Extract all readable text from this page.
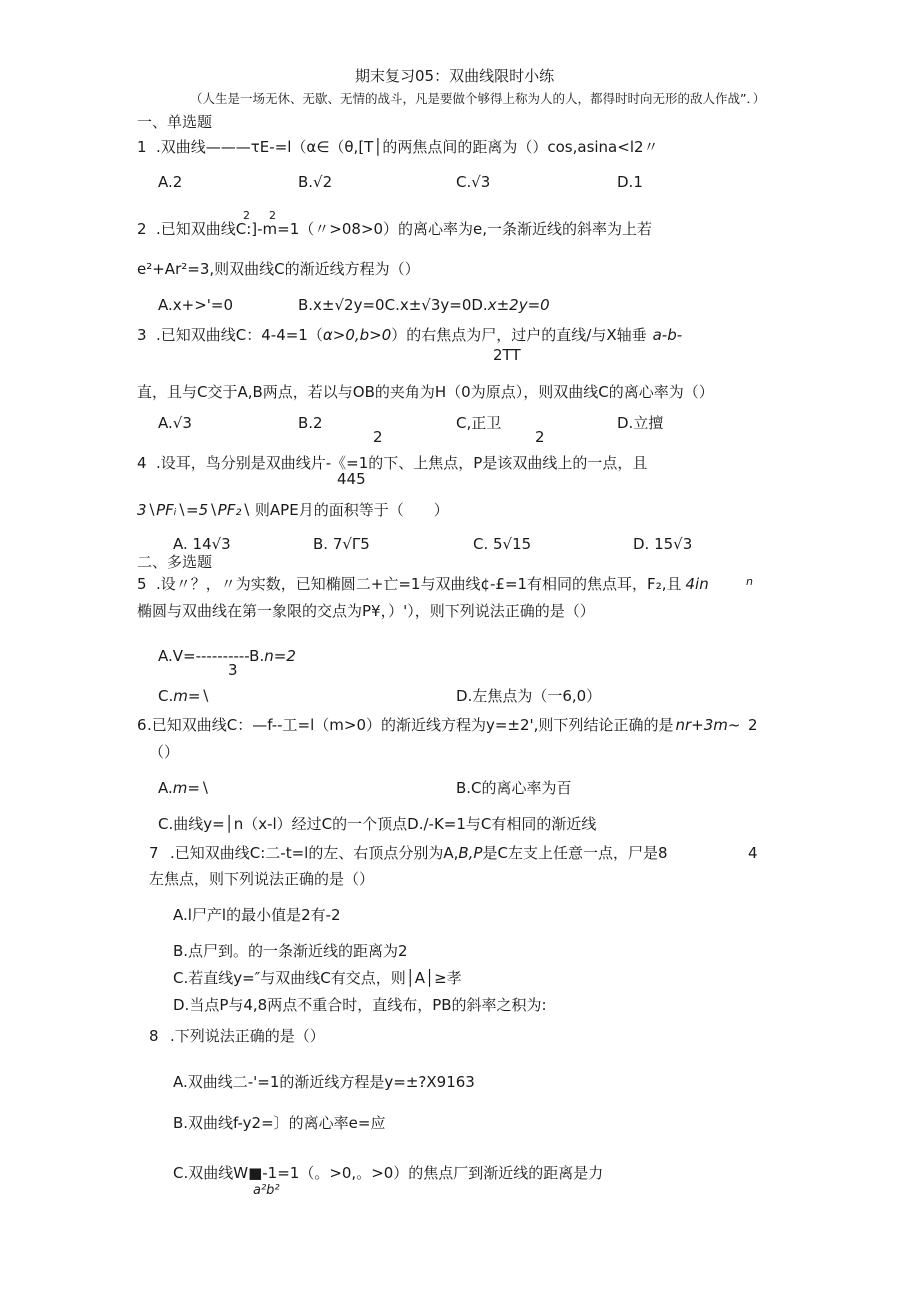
期末复习05：双曲线限时小练
（人生是一场无休、无歇、无情的战斗，凡是要做个够得上称为人的人，都得时时向无形的敌人作战”．）
一、单选题
1 .双曲线———τE-=l（α∈（θ,[T│的两焦点间的距离为（）cos,asina<l2〃
A.2	B.√2	C.√3	D.1
2 2
2 .已知双曲线C:]-m=1（〃>08>0）的离心率为e,一条渐近线的斜率为上若
e²+Ar²=3,则双曲线C的渐近线方程为（）
A.x+>'=0	B.x±√2y=0C.x±√3y=0D.x±2y=0
3 .已知双曲线C：4-4=1（α>0,b>0）的右焦点为尸，过户的直线/与X轴垂 a-b-
2TT
直，且与C交于A,B两点，若以与OB的夹角为H（0为原点），则双曲线C的离心率为（）
A.√3	B.2	C,正卫	D.立擅
2	2
4 .设耳，鸟分别是双曲线片-《=1的下、上焦点，P是该双曲线上的一点，且
445
3∖PFᵢ∖=5∖PF₂∖ 则APE月的面积等于（　　）
A. 14√3	B. 7√Γ5	C. 5√15	D. 15√3
二、多选题
5 .设〃？，〃为实数，已知椭圆二+亡=1与双曲线¢-£=1有相同的焦点耳，F₂,且 4in	n
椭圆与双曲线在第一象限的交点为P¥，）'），则下列说法正确的是（）
A.V=----------B.n=2
3
C.m=∖	D.左焦点为（一6,0）
6 .已知双曲线C：—f--工=l（m>0）的渐近线方程为y=±2',则下列结论正确的是 nr+3m~ 2
（）
A.m=∖	B.C的离心率为百
C.曲线y=│n（x-l）经过C的一个顶点D./-K=1与C有相同的渐近线
7 .已知双曲线C:二-t=l的左、右顶点分别为A,B,P是C左支上任意一点，尸是8	4
左焦点，则下列说法正确的是（）
A.l尸产l的最小值是2有-2
B.点尸到。的一条渐近线的距离为2
C.若直线y=″与双曲线C有交点，则│A│≥孝
D.当点P与4,8两点不重合时，直线布，PB的斜率之积为:
8 .下列说法正确的是（）
A.双曲线二-'=1的渐近线方程是y=±?X9163
B.双曲线f-y2=〕的离心率e=应
C.双曲线W■-1=1（。>0,。>0）的焦点厂到渐近线的距离是力
a²b²
